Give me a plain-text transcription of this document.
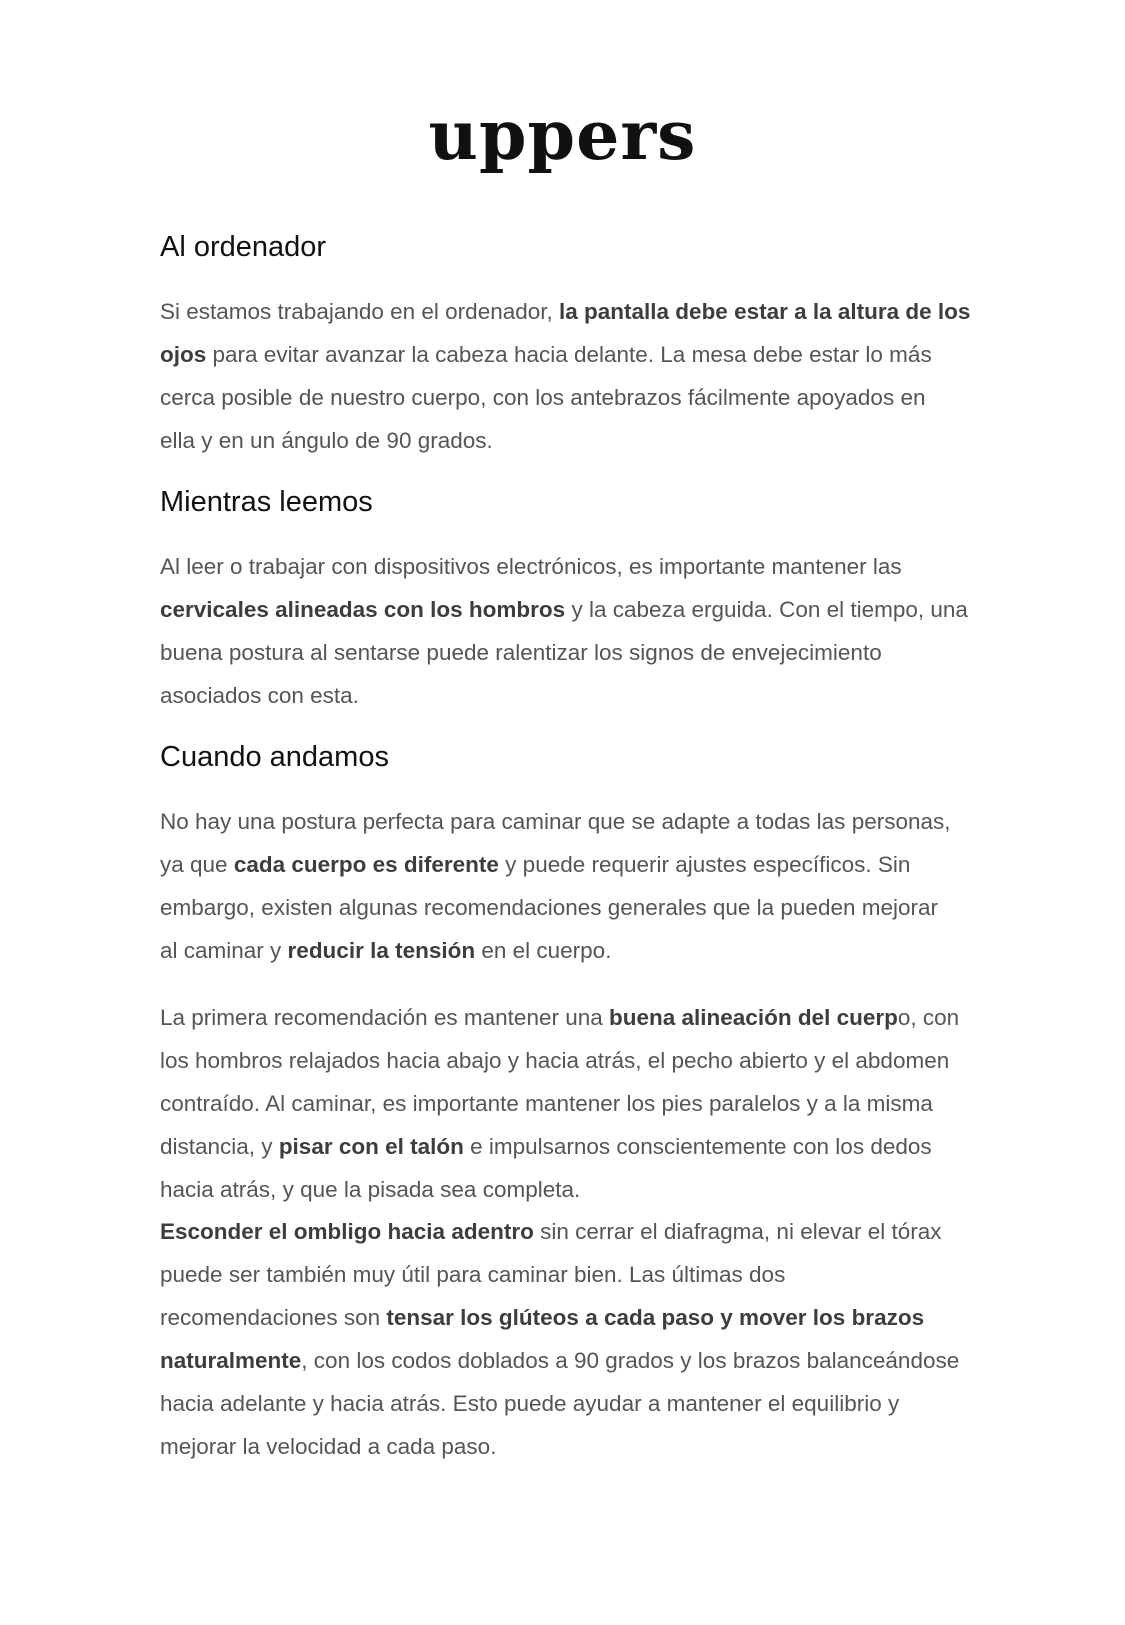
uppers
Al ordenador
Si estamos trabajando en el ordenador, la pantalla debe estar a la altura de los
ojos para evitar avanzar la cabeza hacia delante. La mesa debe estar lo más
cerca posible de nuestro cuerpo, con los antebrazos fácilmente apoyados en
ella y en un ángulo de 90 grados.
Mientras leemos
Al leer o trabajar con dispositivos electrónicos, es importante mantener las
cervicales alineadas con los hombros y la cabeza erguida. Con el tiempo, una
buena postura al sentarse puede ralentizar los signos de envejecimiento
asociados con esta.
Cuando andamos
No hay una postura perfecta para caminar que se adapte a todas las personas,
ya que cada cuerpo es diferente y puede requerir ajustes específicos. Sin
embargo, existen algunas recomendaciones generales que la pueden mejorar
al caminar y reducir la tensión en el cuerpo.
La primera recomendación es mantener una buena alineación del cuerpo, con
los hombros relajados hacia abajo y hacia atrás, el pecho abierto y el abdomen
contraído. Al caminar, es importante mantener los pies paralelos y a la misma
distancia, y pisar con el talón e impulsarnos conscientemente con los dedos
hacia atrás, y que la pisada sea completa.
Esconder el ombligo hacia adentro sin cerrar el diafragma, ni elevar el tórax
puede ser también muy útil para caminar bien. Las últimas dos
recomendaciones son tensar los glúteos a cada paso y mover los brazos
naturalmente, con los codos doblados a 90 grados y los brazos balanceándose
hacia adelante y hacia atrás. Esto puede ayudar a mantener el equilibrio y
mejorar la velocidad a cada paso.
